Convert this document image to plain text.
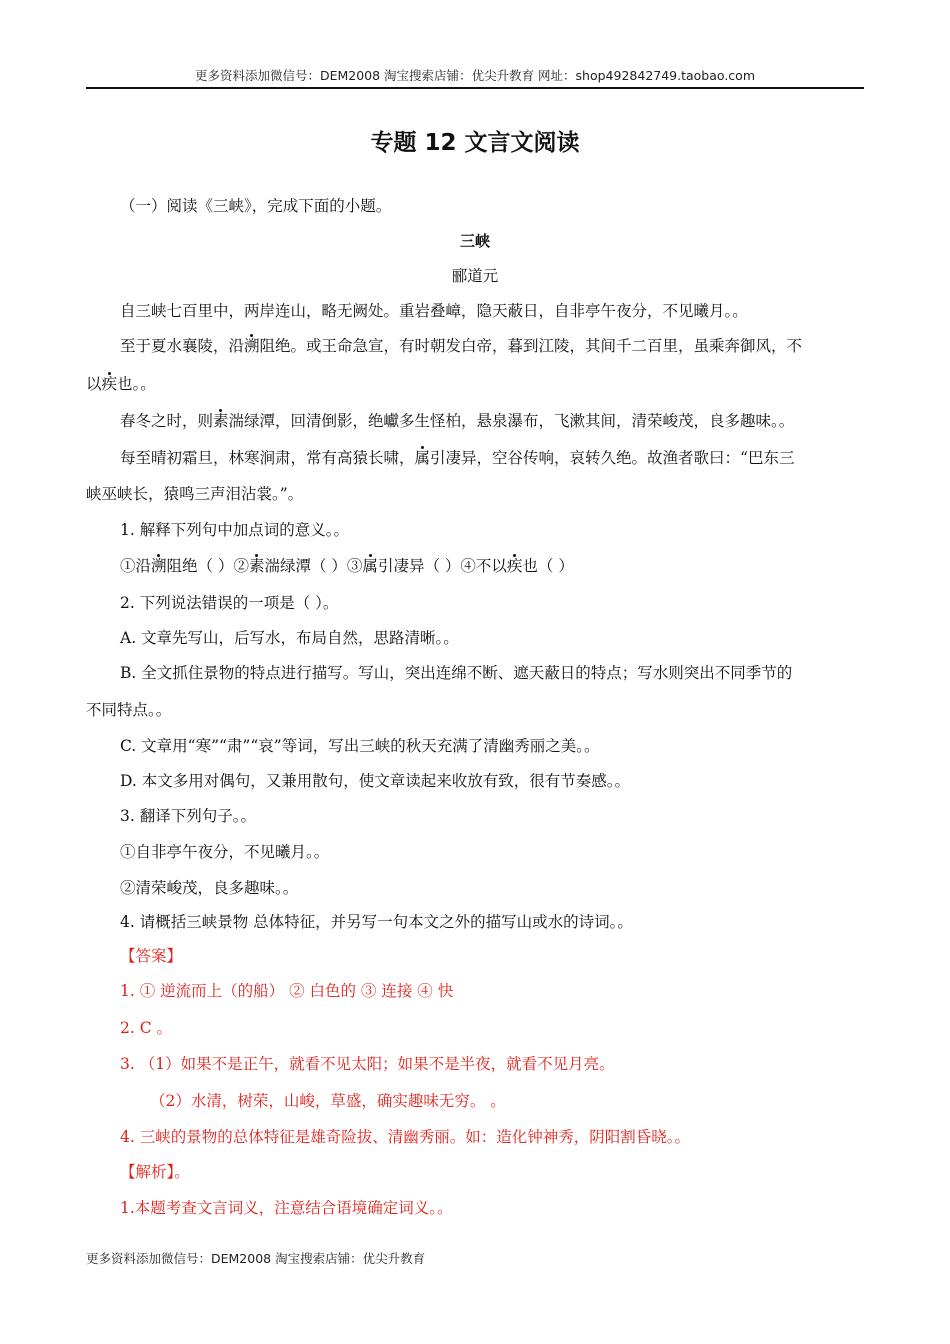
更多资料添加微信号：DEM2008 淘宝搜索店铺：优尖升教育 网址：shop492842749.taobao.com
专题 12 文言文阅读
（一）阅读《三峡》，完成下面的小题。
三峡
郦道元
自三峡七百里中，两岸连山，略无阙处。重岩叠嶂，隐天蔽日，自非亭午夜分，不见曦月。。
至于夏水襄陵，沿溯阻绝。或王命急宣，有时朝发白帝，暮到江陵，其间千二百里，虽乘奔御风，不
以疾也。。
春冬之时，则素湍绿潭，回清倒影，绝巘多生怪柏，悬泉瀑布，飞漱其间，清荣峻茂，良多趣味。。
每至晴初霜旦，林寒涧肃，常有高猿长啸，属引凄异，空谷传响，哀转久绝。故渔者歌曰：“巴东三
峡巫峡长，猿鸣三声泪沾裳。”。
1. 解释下列句中加点词的意义。。
①沿溯阻绝（ ）②素湍绿潭（ ）③属引凄异（ ）④不以疾也（ ）
2. 下列说法错误的一项是（ ）。
A. 文章先写山，后写水，布局自然，思路清晰。。
B. 全文抓住景物的特点进行描写。写山，突出连绵不断、遮天蔽日的特点；写水则突出不同季节的
不同特点。。
C. 文章用“寒”“肃”“哀”等词，写出三峡的秋天充满了清幽秀丽之美。。
D. 本文多用对偶句，又兼用散句，使文章读起来收放有致，很有节奏感。。
3. 翻译下列句子。。
①自非亭午夜分，不见曦月。。
②清荣峻茂，良多趣味。。
4. 请概括三峡景物 总体特征，并另写一句本文之外的描写山或水的诗词。。
【答案】
1. ① 逆流而上（的船） ② 白色的 ③ 连接 ④ 快
2. C 。
3. （1）如果不是正午，就看不见太阳；如果不是半夜，就看不见月亮。
（2）水清，树荣，山峻，草盛，确实趣味无穷。 。
4. 三峡的景物的总体特征是雄奇险拔、清幽秀丽。如：造化钟神秀，阴阳割昏晓。。
【解析】。
1.本题考查文言词义，注意结合语境确定词义。。
更多资料添加微信号：DEM2008 淘宝搜索店铺：优尖升教育
